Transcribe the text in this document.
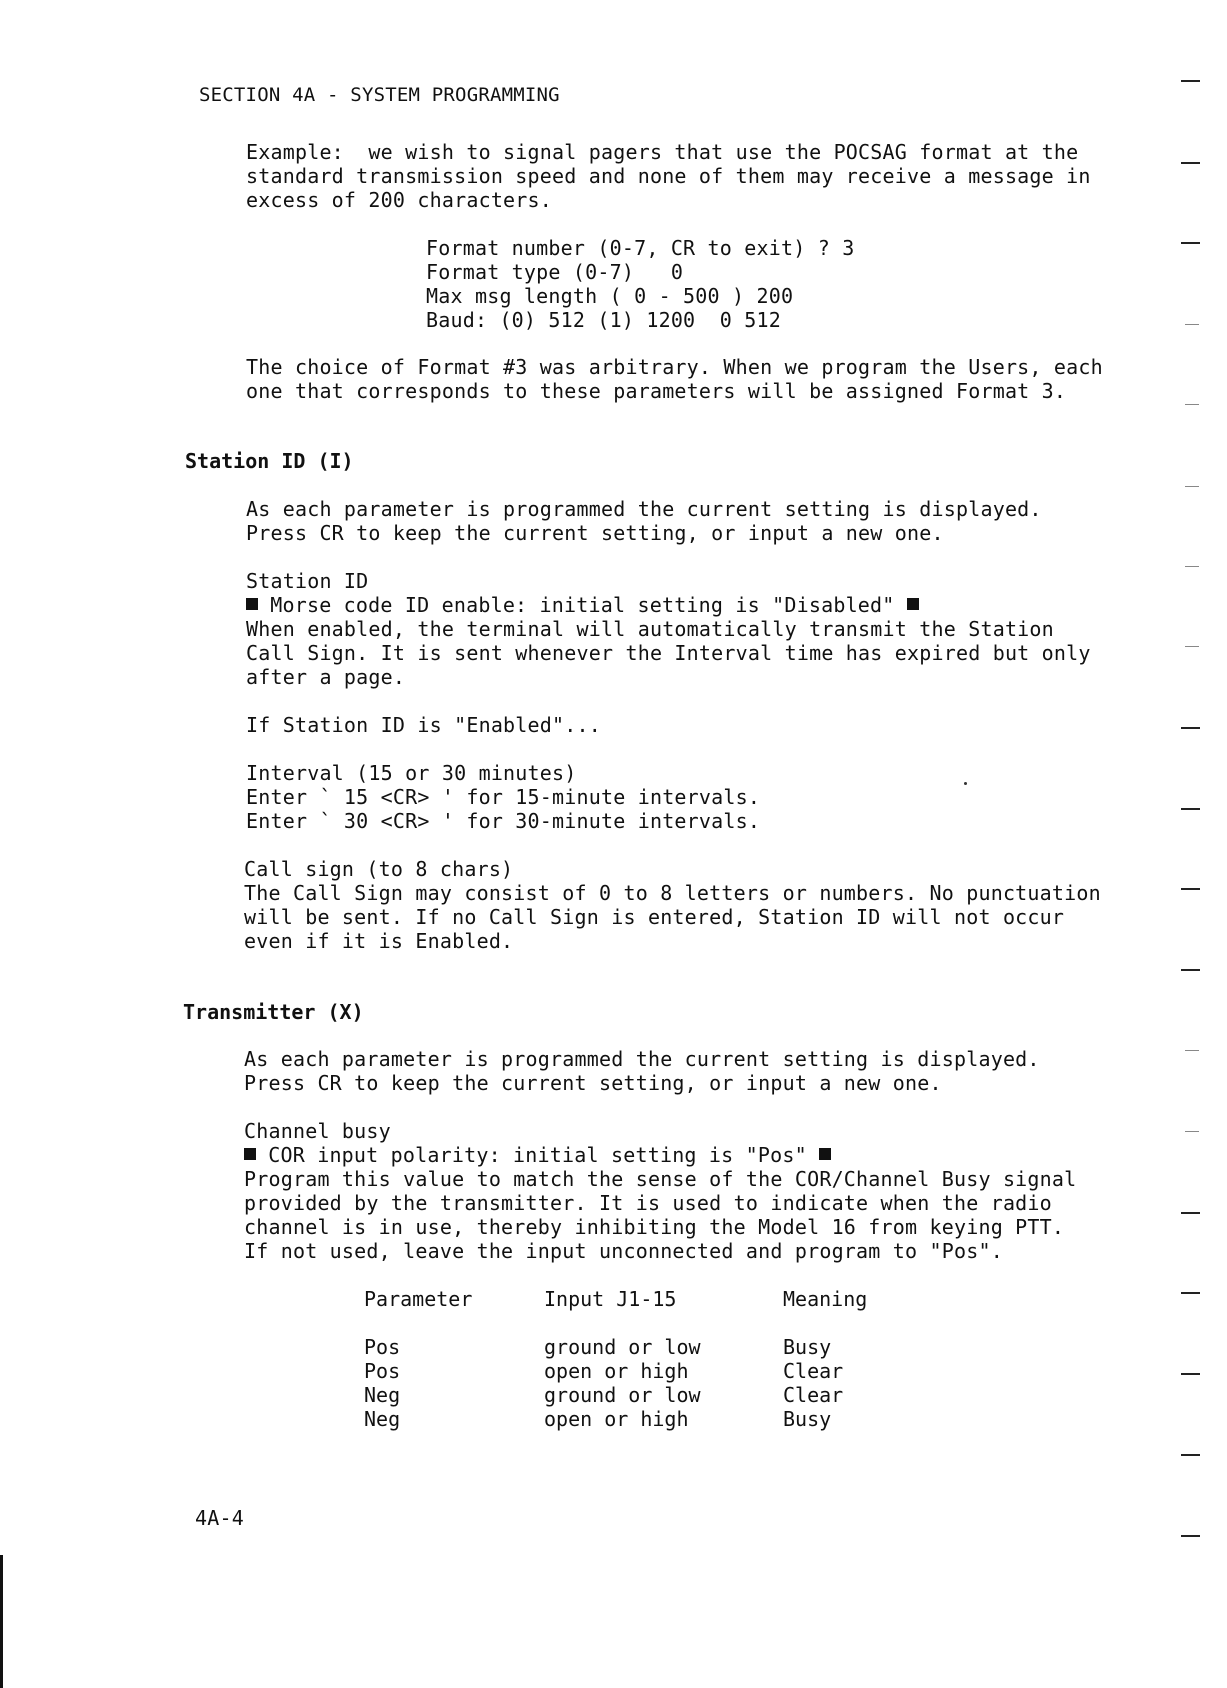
SECTION 4A - SYSTEM PROGRAMMING
Example:  we wish to signal pagers that use the POCSAG format at the
standard transmission speed and none of them may receive a message in
excess of 200 characters.
Format number (0-7, CR to exit) ? 3
Format type (0-7)   0
Max msg length ( 0 - 500 ) 200
Baud: (0) 512 (1) 1200  0 512
The choice of Format #3 was arbitrary. When we program the Users, each
one that corresponds to these parameters will be assigned Format 3.
Station ID (I)
As each parameter is programmed the current setting is displayed.
Press CR to keep the current setting, or input a new one.
Station ID
Morse code ID enable: initial setting is "Disabled"
When enabled, the terminal will automatically transmit the Station
Call Sign. It is sent whenever the Interval time has expired but only
after a page.
If Station ID is "Enabled"...
Interval (15 or 30 minutes)
Enter ` 15 <CR> ' for 15-minute intervals.
Enter ` 30 <CR> ' for 30-minute intervals.
Call sign (to 8 chars)
The Call Sign may consist of 0 to 8 letters or numbers. No punctuation
will be sent. If no Call Sign is entered, Station ID will not occur
even if it is Enabled.
Transmitter (X)
As each parameter is programmed the current setting is displayed.
Press CR to keep the current setting, or input a new one.
Channel busy
COR input polarity: initial setting is "Pos"
Program this value to match the sense of the COR/Channel Busy signal
provided by the transmitter. It is used to indicate when the radio
channel is in use, thereby inhibiting the Model 16 from keying PTT.
If not used, leave the input unconnected and program to "Pos".
Parameter	Input J1-15	Meaning
Pos	ground or low	Busy
Pos	open or high	Clear
Neg	ground or low	Clear
Neg	open or high	Busy
4A-4
